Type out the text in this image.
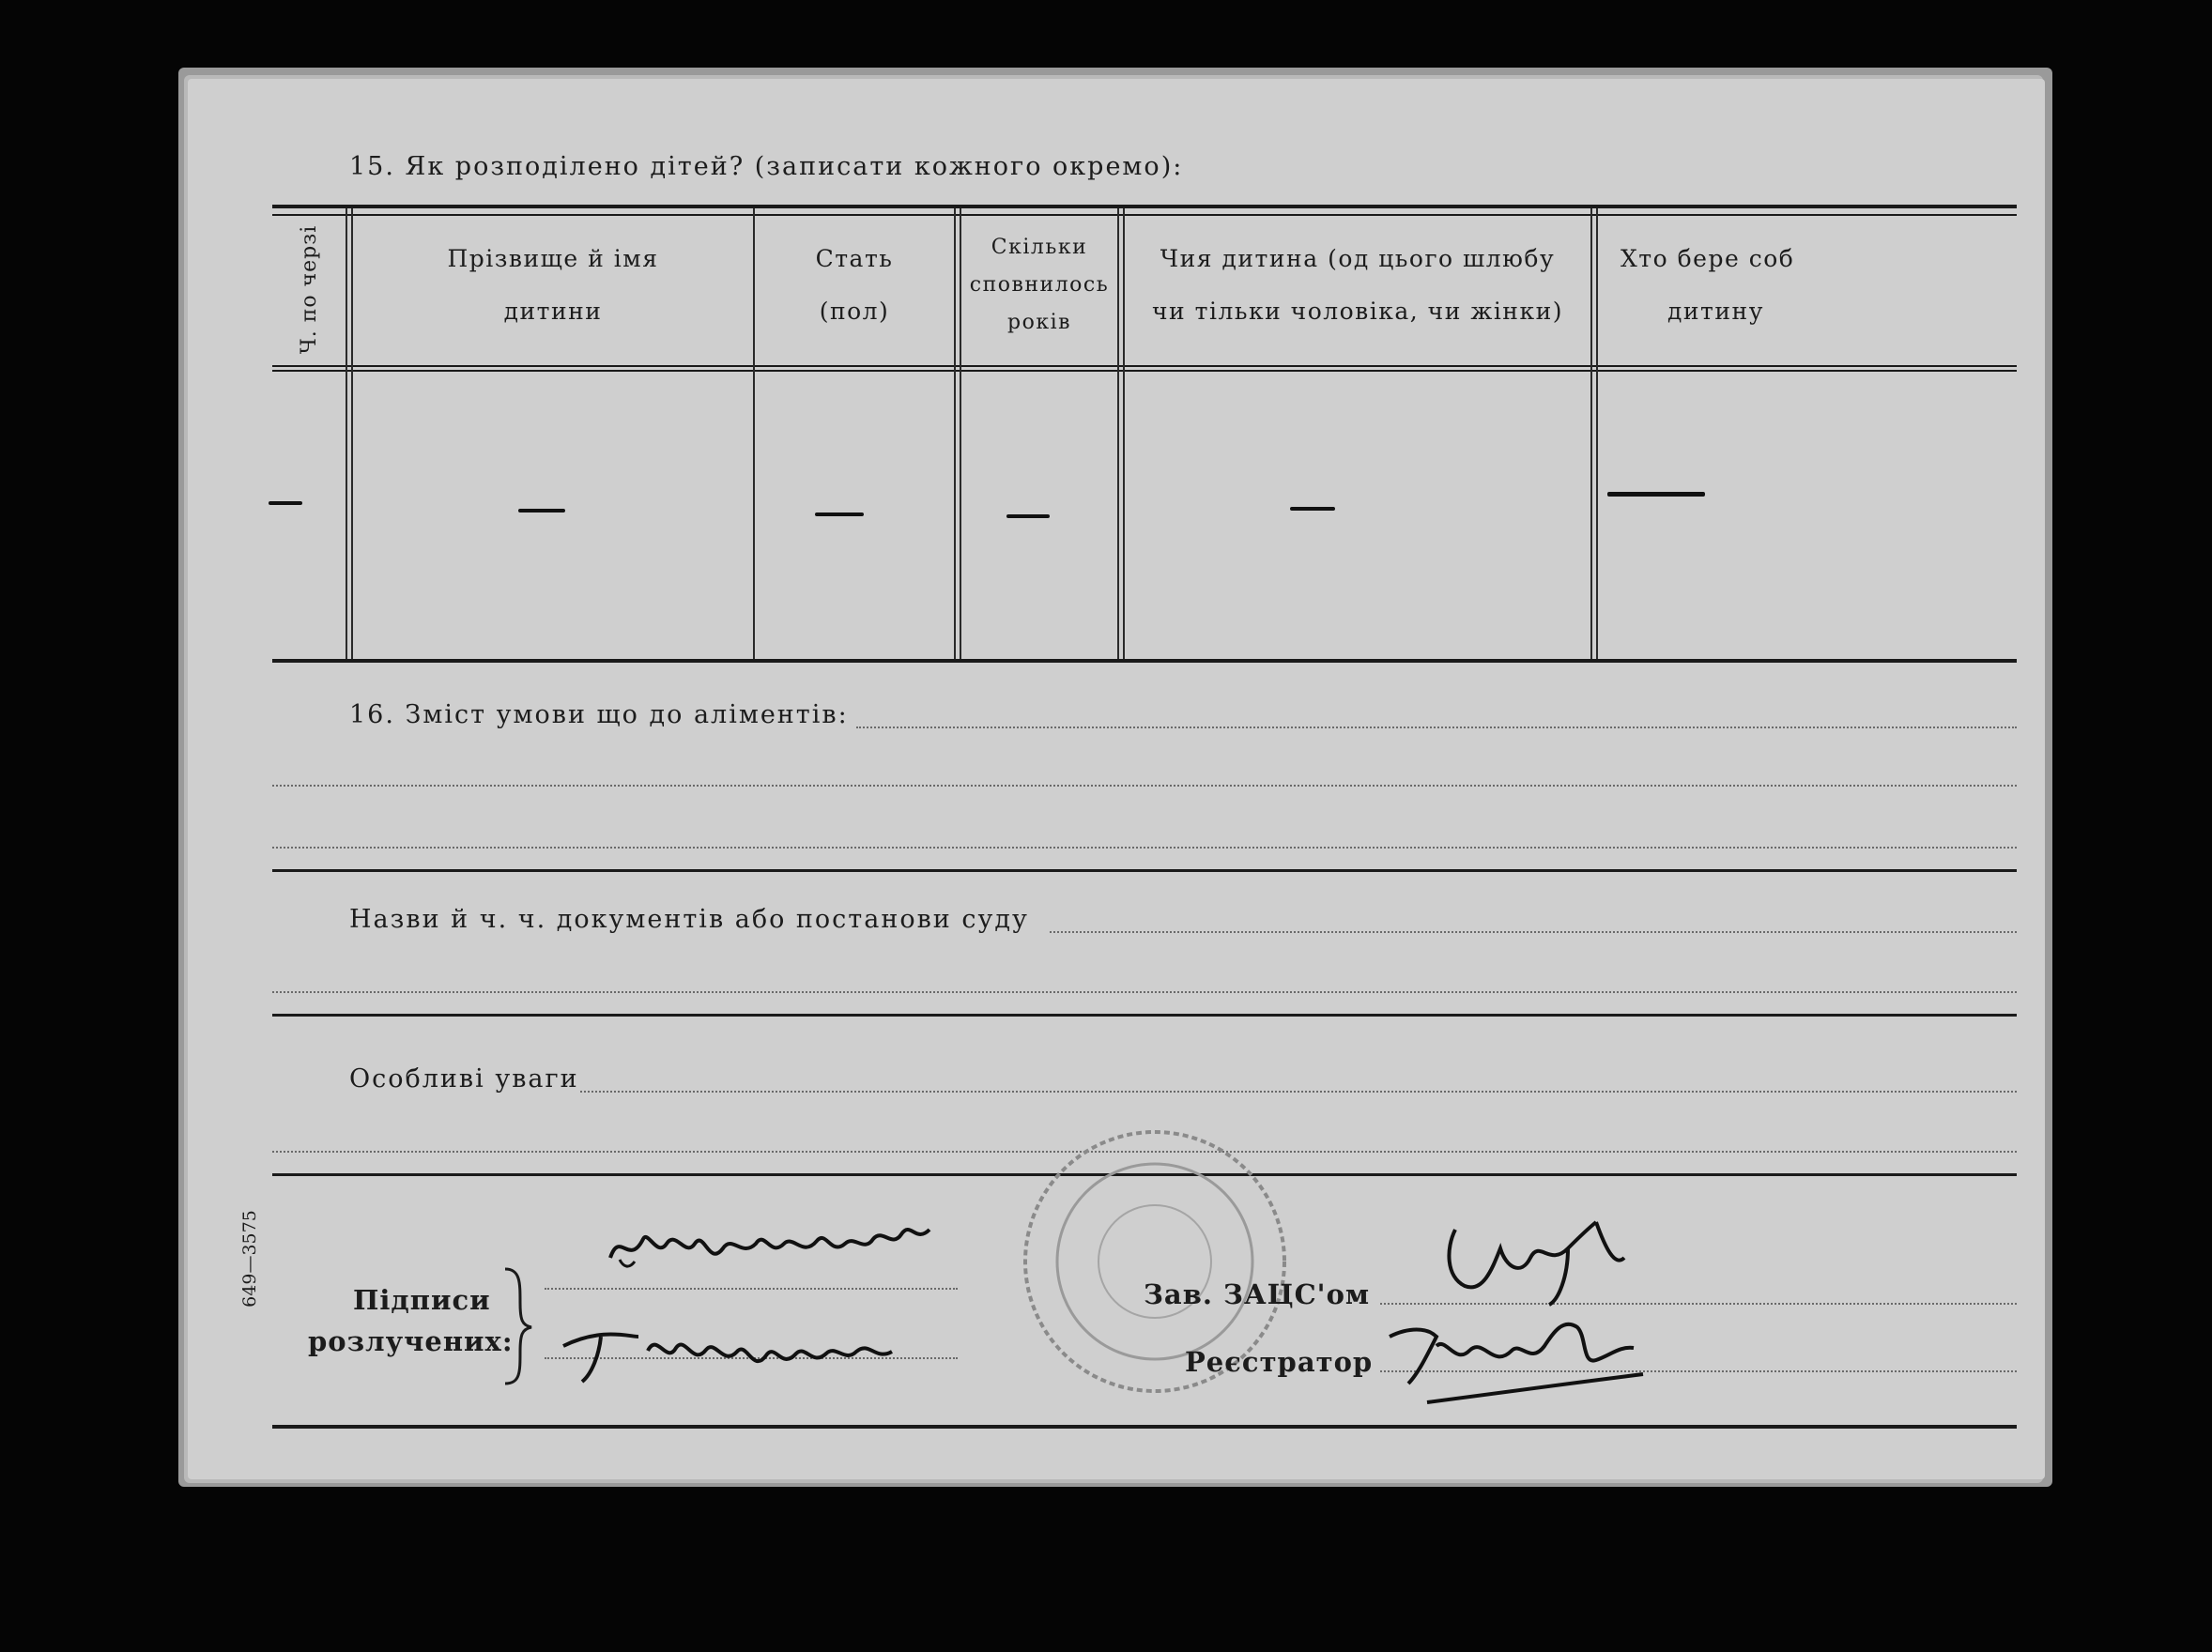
15. Як розподілено дітей? (записати кожного окремо):
Ч. по черзі	Прізвище й імя
дитини
Стать
(пол)
Скільки
сповнилось
років
Чия дитина (од цього шлюбу
чи тільки чоловіка, чи жінки)
Хто бере соб
дитину
16. Зміст умови що до аліментів:
Назви й ч. ч. документів або постанови суду
Особливі уваги
649—3575	Підписи
розлучених:
Зав. ЗАЦС'ом
Реєстратор
